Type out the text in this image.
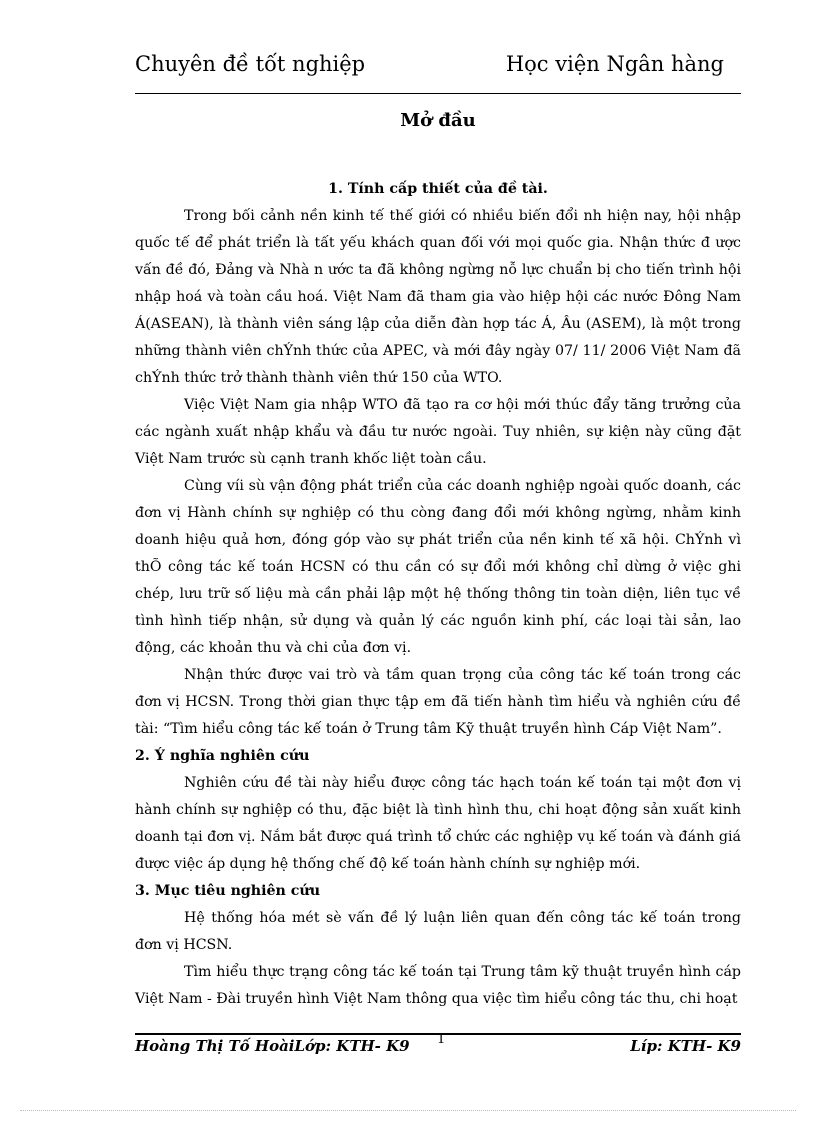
Chuyên đề tốt nghiệp	Học viện Ngân hàng
Mở đầu
1. Tính cấp thiết của đề tài.

Trong bối cảnh nền kinh tế thế giới có nhiều biến đổi nh hiện nay, hội nhập quốc tế để phát triển là tất yếu khách quan đối với mọi quốc gia. Nhận thức đ ược vấn đề đó, Đảng và Nhà n ước ta đã không ngừng nỗ lực chuẩn bị cho tiến trình hội nhập hoá và toàn cầu hoá. Việt Nam đã tham gia vào hiệp hội các nước Đông Nam Á(ASEAN), là thành viên sáng lập của diễn đàn hợp tác Á, Âu (ASEM), là một trong những thành viên chÝnh thức của APEC, và mới đây ngày 07/ 11/ 2006 Việt Nam đã chÝnh thức trở thành thành viên thứ 150 của WTO.

Việc Việt Nam gia nhập WTO đã tạo ra cơ hội mới thúc đẩy tăng trưởng của các ngành xuất nhập khẩu và đầu tư nước ngoài. Tuy nhiên, sự kiện này cũng đặt Việt Nam trước sù cạnh tranh khốc liệt toàn cầu.

Cùng víi sù vận động phát triển của các doanh nghiệp ngoài quốc doanh, các đơn vị Hành chính sự nghiệp có thu còng đang đổi mới không ngừng, nhằm kinh doanh hiệu quả hơn, đóng góp vào sự phát triển của nền kinh tế xã hội. ChÝnh vì thÕ công tác kế toán HCSN có thu cần có sự đổi mới không chỉ dừng ở việc ghi chép, lưu trữ số liệu mà cần phải lập một hệ thống thông tin toàn diện, liên tục về tình hình tiếp nhận, sử dụng và quản lý các nguồn kinh phí, các loại tài sản, lao động, các khoản thu và chi của đơn vị.

Nhận thức được vai trò và tầm quan trọng của công tác kế toán trong các đơn vị HCSN. Trong thời gian thực tập em đã tiến hành tìm hiểu và nghiên cứu đề tài: “Tìm hiểu công tác kế toán ở Trung tâm Kỹ thuật truyền hình Cáp Việt Nam”.

2. Ý nghĩa nghiên cứu

Nghiên cứu đề tài này hiểu được công tác hạch toán kế toán tại một đơn vị hành chính sự nghiệp có thu, đặc biệt là tình hình thu, chi hoạt động sản xuất kinh doanh tại đơn vị. Nắm bắt được quá trình tổ chức các nghiệp vụ kế toán và đánh giá được việc áp dụng hệ thống chế độ kế toán hành chính sự nghiệp mới.

3. Mục tiêu nghiên cứu

Hệ thống hóa mét sè vấn đề lý luận liên quan đến công tác kế toán trong đơn vị HCSN.

Tìm hiểu thực trạng công tác kế toán tại Trung tâm kỹ thuật truyền hình cáp Việt Nam - Đài truyền hình Việt Nam thông qua việc tìm hiểu công tác thu, chi hoạt

Hoàng Thị Tố HoàiLớp: KTH- K9 1	Líp: KTH- K9
